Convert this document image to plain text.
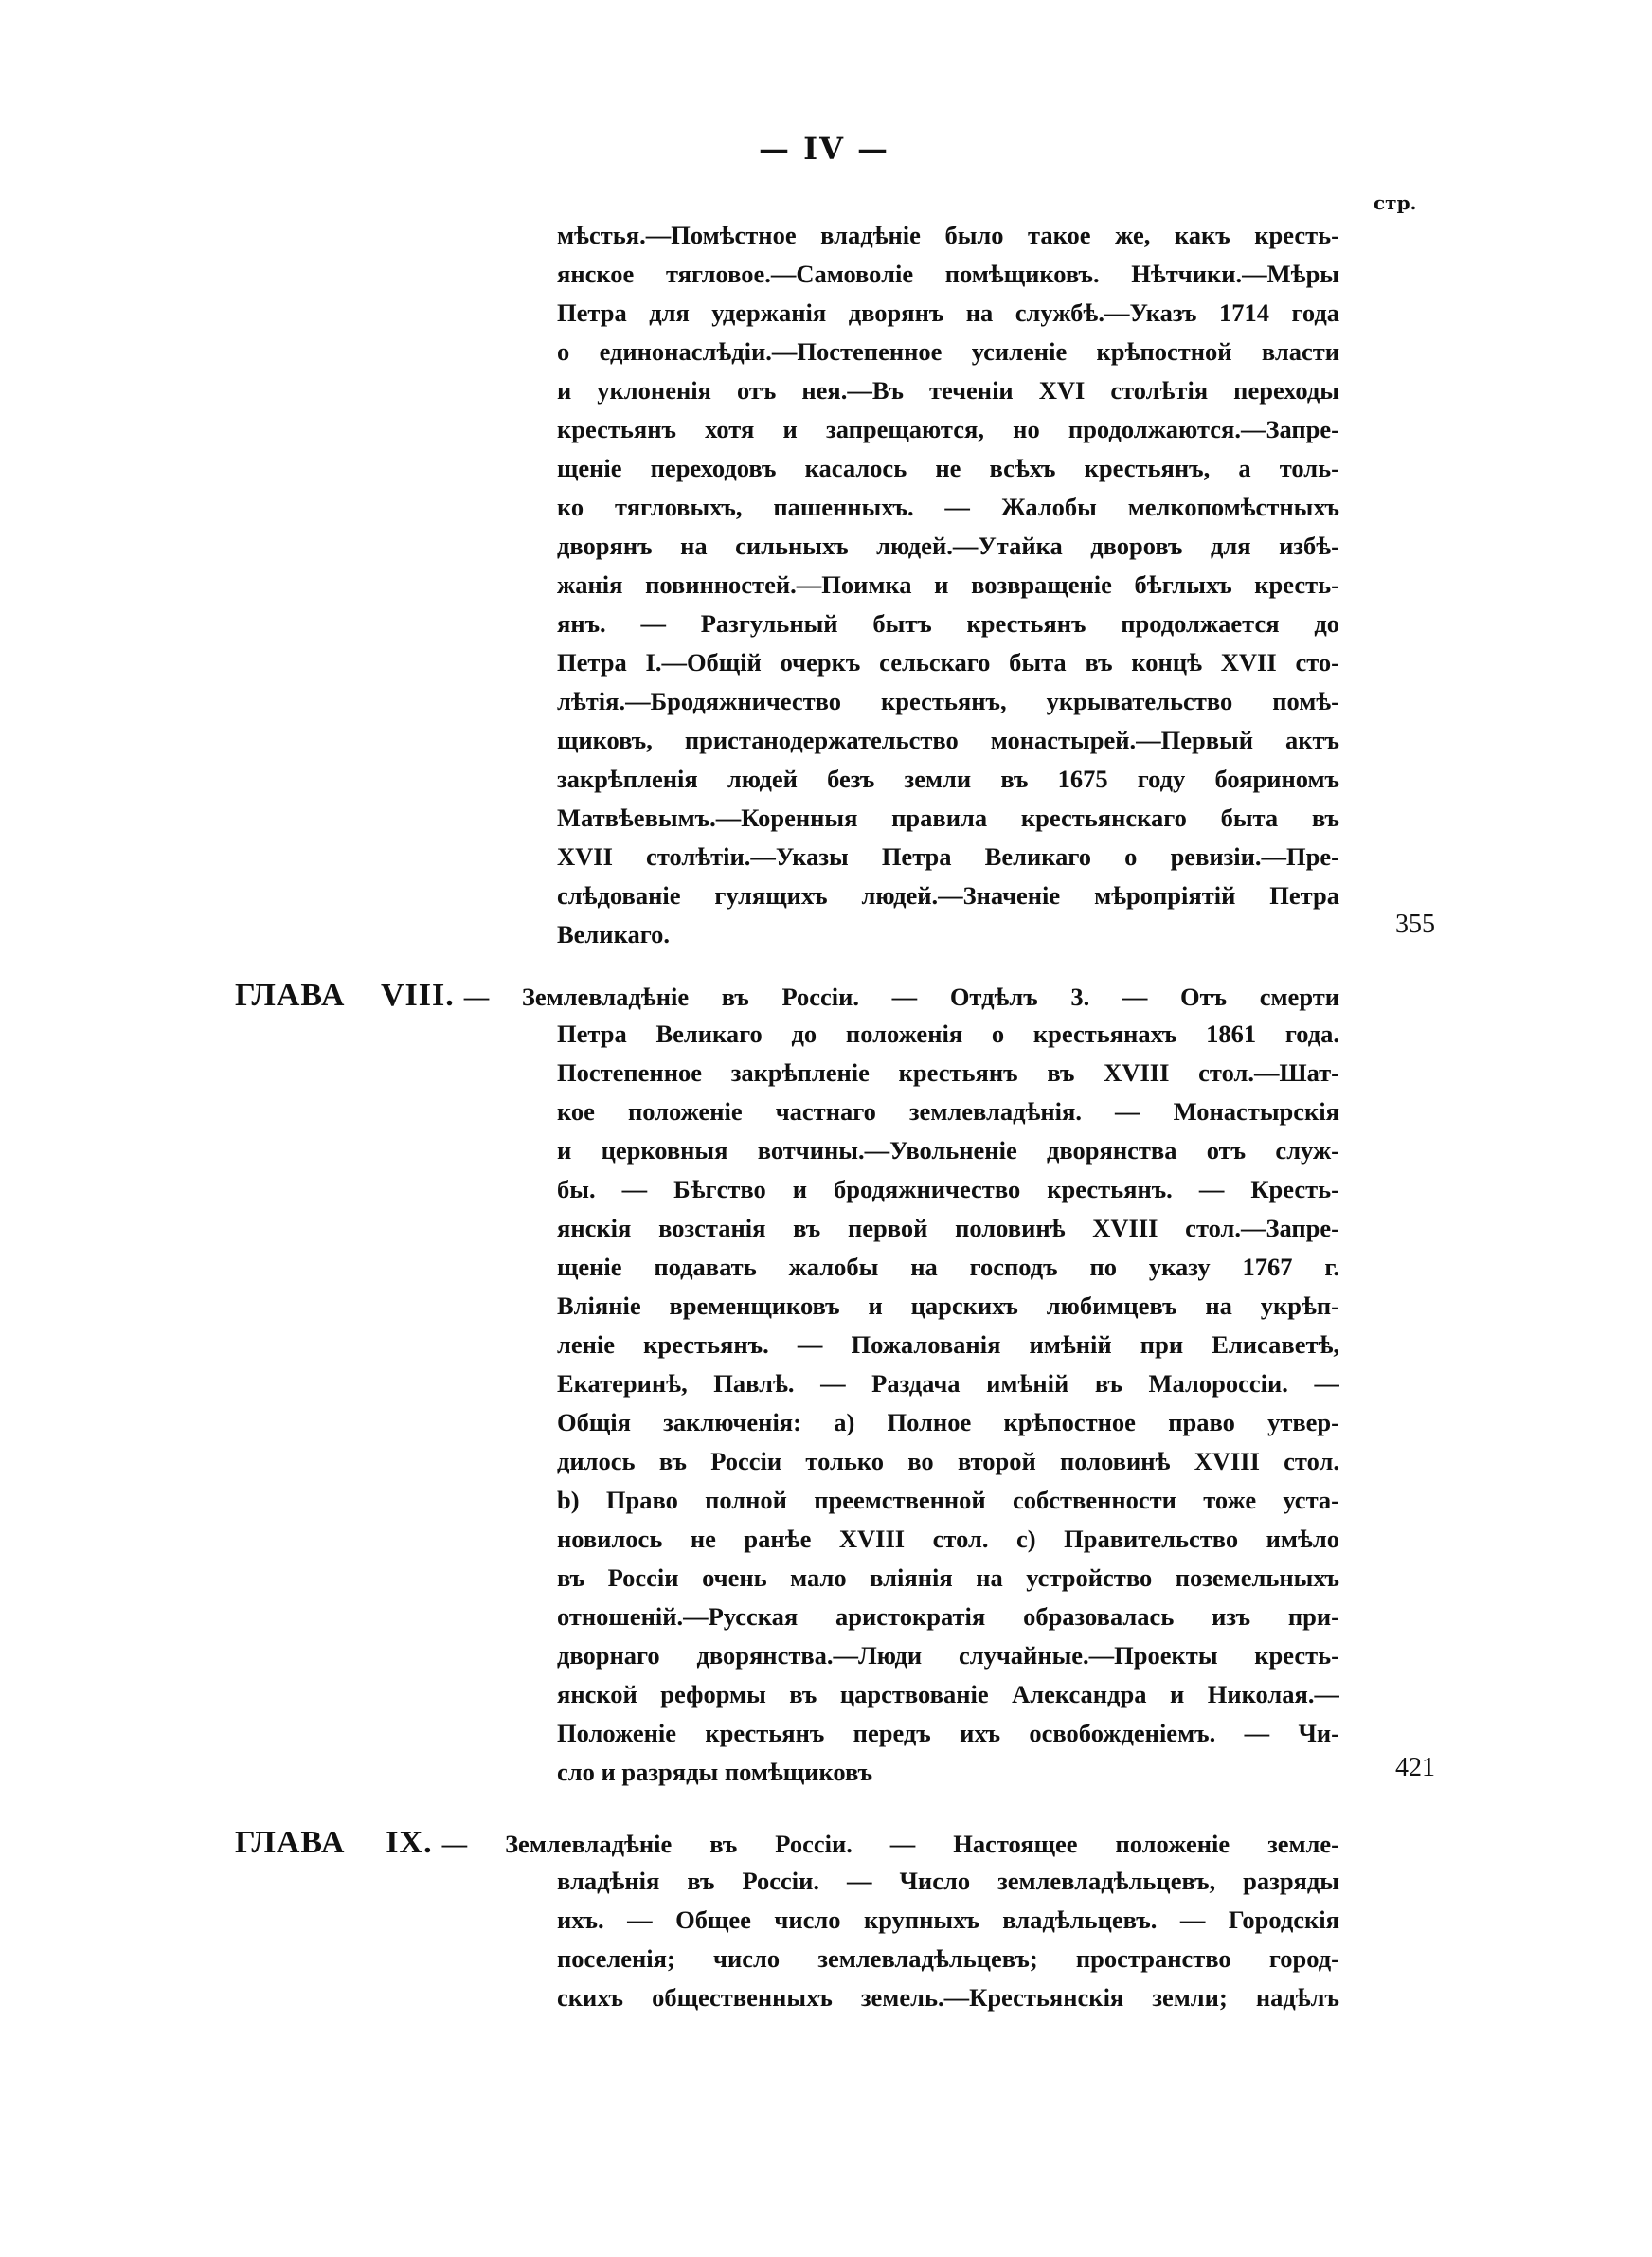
— IV —
стр.
мѣстья.—Помѣстное владѣніе было такое же, какъ кресть-
янское тягловое.—Самоволіе помѣщиковъ. Нѣтчики.—Мѣры
Петра для удержанія дворянъ на службѣ.—Указъ 1714 года
о единонаслѣдіи.—Постепенное усиленіе крѣпостной власти
и уклоненія отъ нея.—Въ теченіи XVI столѣтія переходы
крестьянъ хотя и запрещаются, но продолжаются.—Запре-
щеніе переходовъ касалось не всѣхъ крестьянъ, а толь-
ко тягловыхъ, пашенныхъ. — Жалобы мелкопомѣстныхъ
дворянъ на сильныхъ людей.—Утайка дворовъ для избѣ-
жанія повинностей.—Поимка и возвращеніе бѣглыхъ кресть-
янъ. — Разгульный бытъ крестьянъ продолжается до
Петра I.—Общій очеркъ сельскаго быта въ концѣ XVII сто-
лѣтія.—Бродяжничество крестьянъ, укрывательство помѣ-
щиковъ, пристанодержательство монастырей.—Первый актъ
закрѣпленія людей безъ земли въ 1675 году бояриномъ
Матвѣевымъ.—Коренныя правила крестьянскаго быта въ
XVII столѣтіи.—Указы Петра Великаго о ревизіи.—Пре-
слѣдованіе гулящихъ людей.—Значеніе мѣропріятій Петра
Великаго.	355
ГЛАВА VIII. — Землевладѣніе въ Россіи. — Отдѣлъ 3. — Отъ смерти
Петра Великаго до положенія о крестьянахъ 1861 года.
Постепенное закрѣпленіе крестьянъ въ XVIII стол.—Шат-
кое положеніе частнаго землевладѣнія. — Монастырскія
и церковныя вотчины.—Увольненіе дворянства отъ служ-
бы. — Бѣгство и бродяжничество крестьянъ. — Кресть-
янскія возстанія въ первой половинѣ XVIII стол.—Запре-
щеніе подавать жалобы на господъ по указу 1767 г.
Вліяніе временщиковъ и царскихъ любимцевъ на укрѣп-
леніе крестьянъ. — Пожалованія имѣній при Елисаветѣ,
Екатеринѣ, Павлѣ. — Раздача имѣній въ Малороссіи. —
Общія заключенія: а) Полное крѣпостное право утвер-
дилось въ Россіи только во второй половинѣ XVIII стол.
b) Право полной преемственной собственности тоже уста-
новилось не ранѣе XVIII стол. с) Правительство имѣло
въ Россіи очень мало вліянія на устройство поземельныхъ
отношеній.—Русская аристократія образовалась изъ при-
дворнаго дворянства.—Люди случайные.—Проекты кресть-
янской реформы въ царствованіе Александра и Николая.—
Положеніе крестьянъ передъ ихъ освобожденіемъ. — Чи-
сло и разряды помѣщиковъ	421
ГЛАВА IX. — Землевладѣніе въ Россіи. — Настоящее положеніе земле-
владѣнія въ Россіи. — Число землевладѣльцевъ, разряды
ихъ. — Общее число крупныхъ владѣльцевъ. — Городскія
поселенія; число землевладѣльцевъ; пространство город-
скихъ общественныхъ земель.—Крестьянскія земли; надѣлъ
